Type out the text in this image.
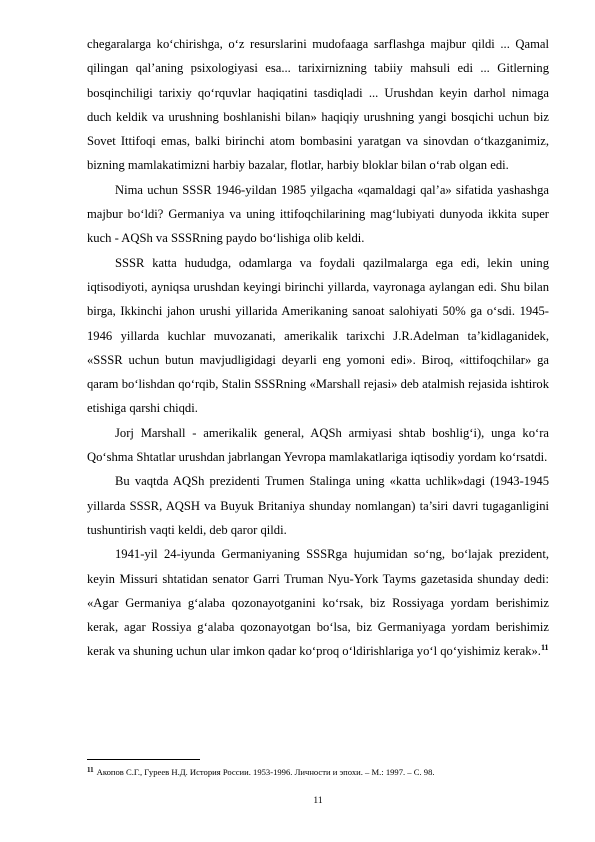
chegaralarga ko‘chirishga, o‘z resurslarini mudofaaga sarflashga majbur qildi ... Qamal qilingan qal’aning psixologiyasi esa... tarixirnizning tabiiy mahsuli edi ... Gitlerning bosqinchiligi tarixiy qo‘rquvlar haqiqatini tasdiqladi ... Urushdan keyin darhol nimaga duch keldik va urushning boshlanishi bilan» haqiqiy urushning yangi bosqichi uchun biz Sovet Ittifoqi emas, balki birinchi atom bombasini yaratgan va sinovdan o‘tkazganimiz, bizning mamlakatimizni harbiy bazalar, flotlar, harbiy bloklar bilan o‘rab olgan edi.

Nima uchun SSSR 1946-yildan 1985 yilgacha «qamaldagi qal’a» sifatida yashashga majbur bo‘ldi? Germaniya va uning ittifoqchilarining mag‘lubiyati dunyoda ikkita super kuch - AQSh va SSSRning paydo bo‘lishiga olib keldi.

SSSR katta hududga, odamlarga va foydali qazilmalarga ega edi, lekin uning iqtisodiyoti, ayniqsa urushdan keyingi birinchi yillarda, vayronaga aylangan edi. Shu bilan birga, Ikkinchi jahon urushi yillarida Amerikaning sanoat salohiyati 50% ga o‘sdi. 1945-1946 yillarda kuchlar muvozanati, amerikalik tarixchi J.R.Adelman ta’kidlaganidek, «SSSR uchun butun mavjudligidagi deyarli eng yomoni edi». Biroq, «ittifoqchilar» ga qaram bo‘lishdan qo‘rqib, Stalin SSSRning «Marshall rejasi» deb atalmish rejasida ishtirok etishiga qarshi chiqdi.

Jorj Marshall - amerikalik general, AQSh armiyasi shtab boshlig‘i), unga ko‘ra Qo‘shma Shtatlar urushdan jabrlangan Yevropa mamlakatlariga iqtisodiy yordam ko‘rsatdi.

Bu vaqtda AQSh prezidenti Trumen Stalinga uning «katta uchlik»dagi (1943-1945 yillarda SSSR, AQSH va Buyuk Britaniya shunday nomlangan) ta’siri davri tugaganligini tushuntirish vaqti keldi, deb qaror qildi.

1941-yil 24-iyunda Germaniyaning SSSRga hujumidan so‘ng, bo‘lajak prezident, keyin Missuri shtatidan senator Garri Truman Nyu-York Tayms gazetasida shunday dedi: «Agar Germaniya g‘alaba qozonayotganini ko‘rsak, biz Rossiyaga yordam berishimiz kerak, agar Rossiya g‘alaba qozonayotgan bo‘lsa, biz Germaniyaga yordam berishimiz kerak va shuning uchun ular imkon qadar ko‘proq o‘ldirishlariga yo‘l qo‘yishimiz kerak».$^{11}$

$^{11}$ Акопов С.Г., Гуреев Н.Д. История России. 1953-1996. Личности и эпохи. – М.: 1997. – С. 98.
11
